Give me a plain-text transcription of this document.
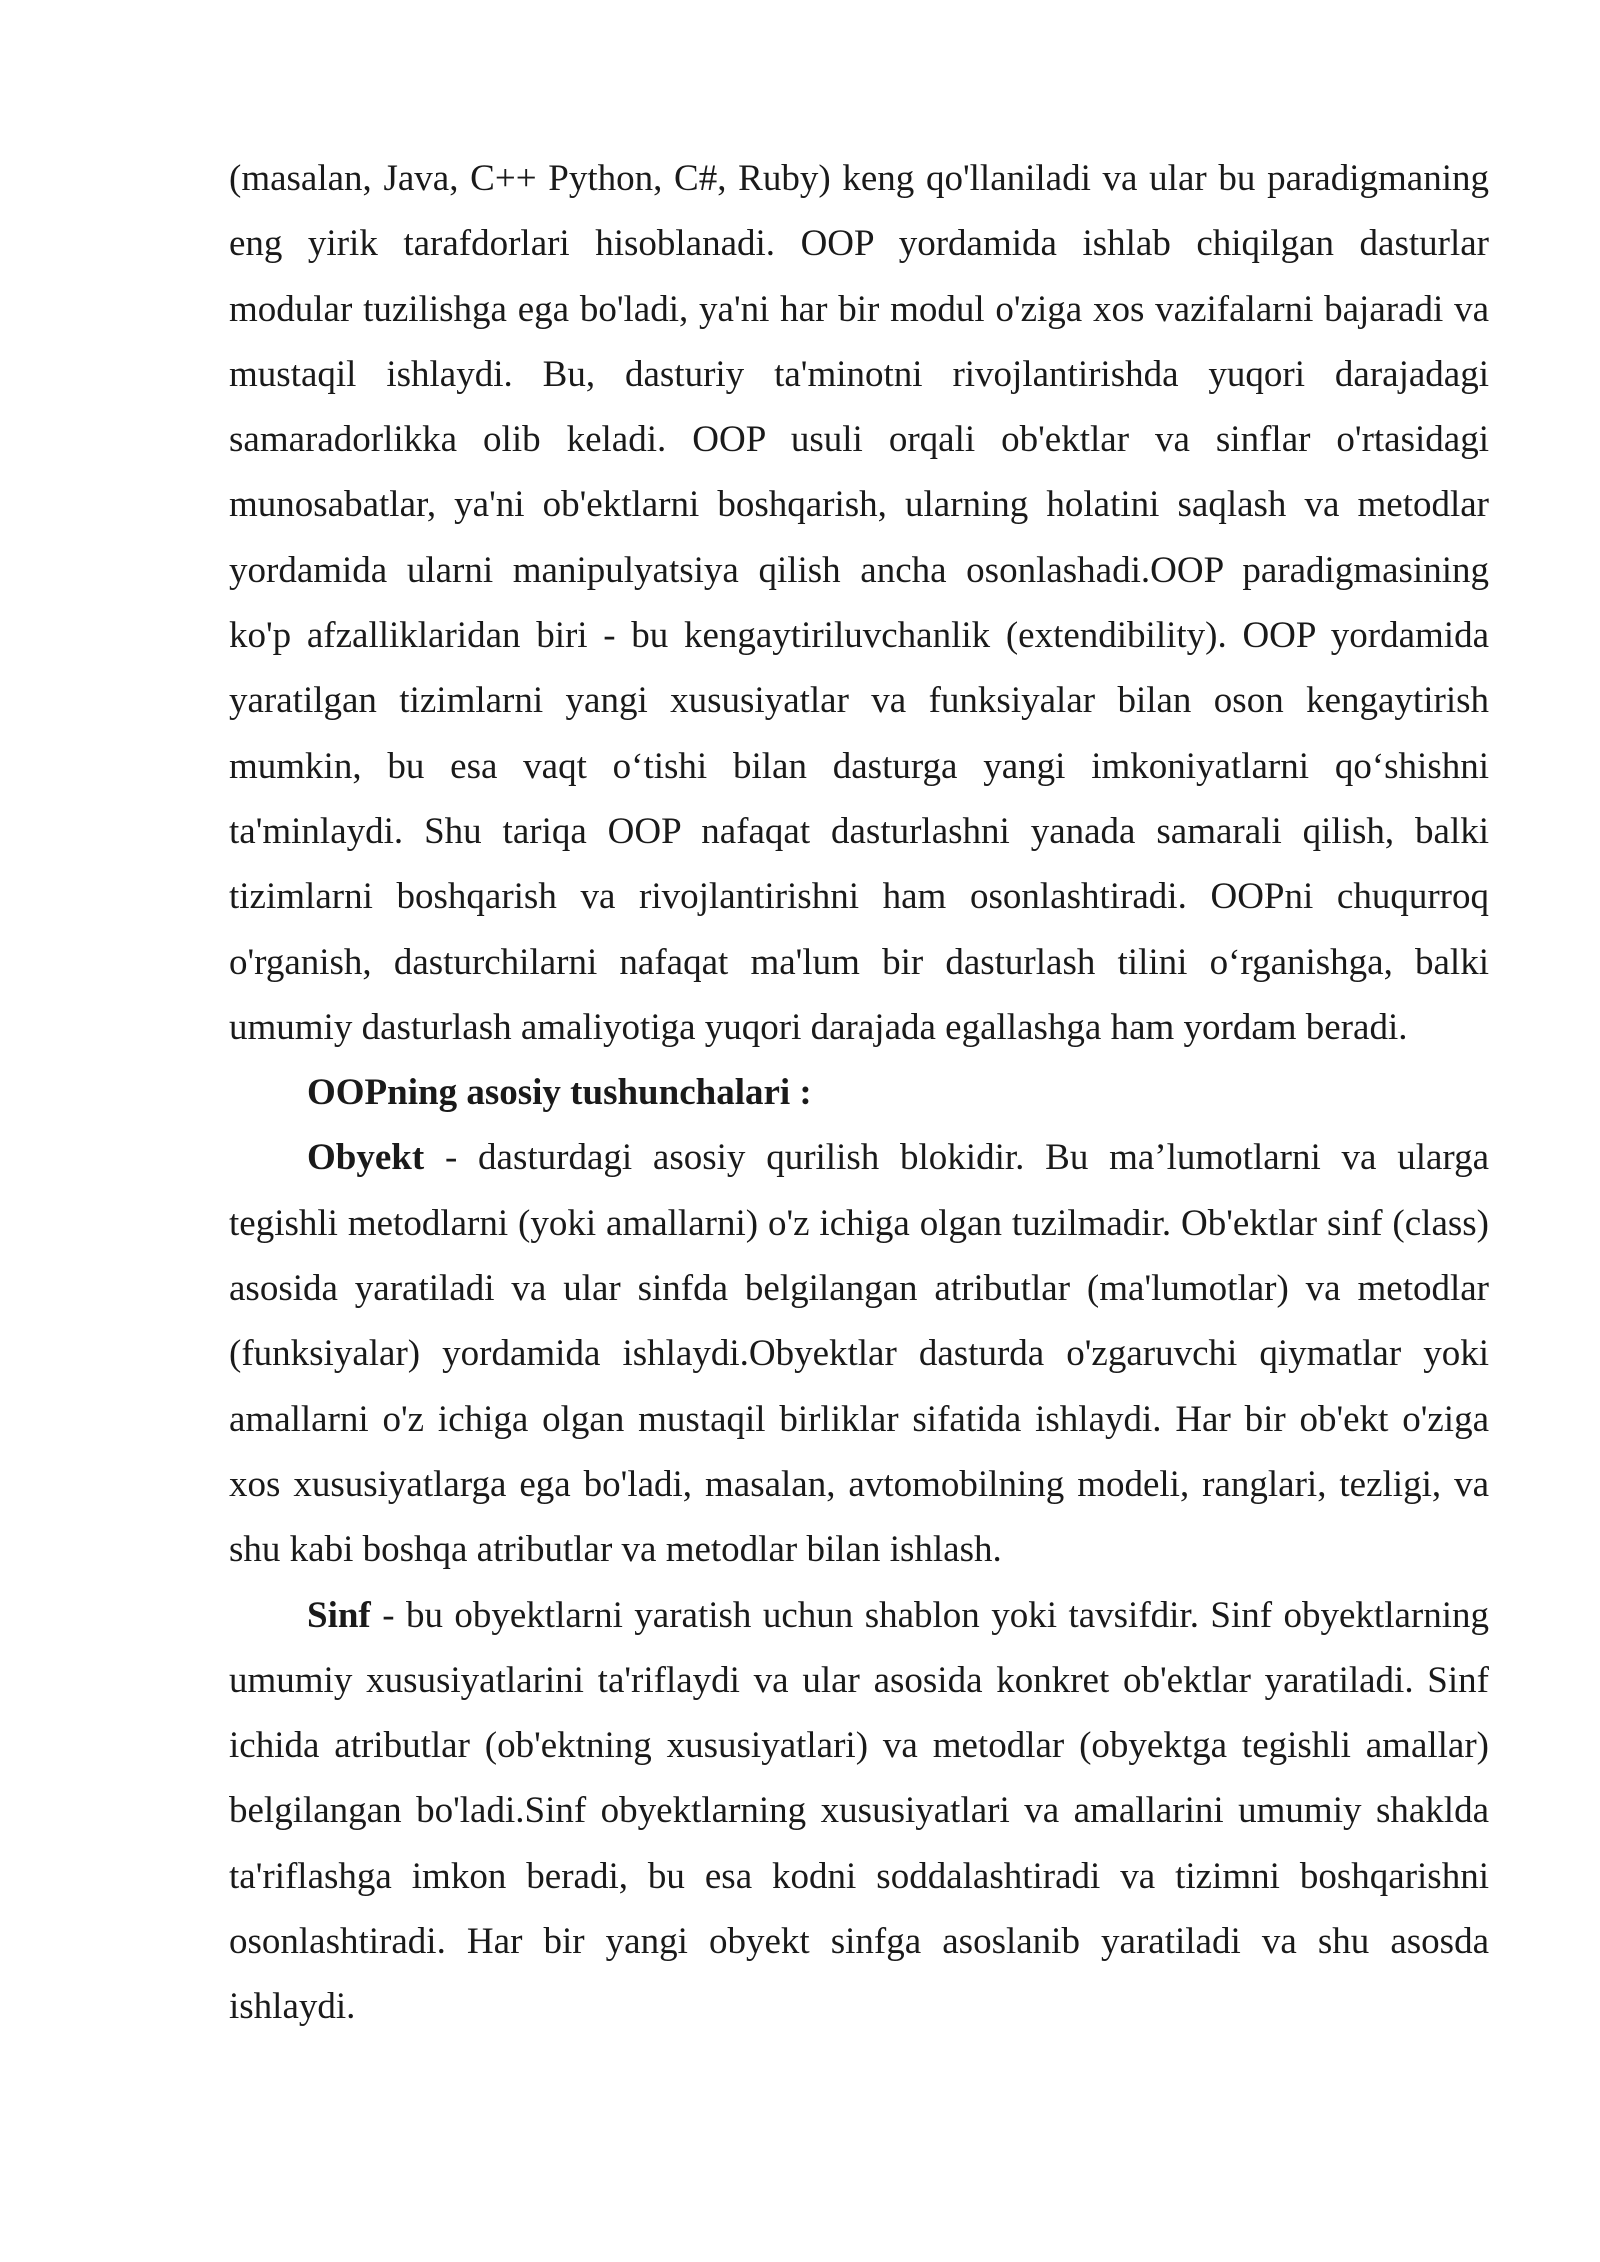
(masalan, Java, C++ Python, C#, Ruby) keng qo'llaniladi va ular bu paradigmaning eng yirik tarafdorlari hisoblanadi. OOP yordamida ishlab chiqilgan dasturlar modular tuzilishga ega bo'ladi, ya'ni har bir modul o'ziga xos vazifalarni bajaradi va mustaqil ishlaydi. Bu, dasturiy ta'minotni rivojlantirishda yuqori darajadagi samaradorlikka olib keladi. OOP usuli orqali ob'ektlar va sinflar o'rtasidagi munosabatlar, ya'ni ob'ektlarni boshqarish, ularning holatini saqlash va metodlar yordamida ularni manipulyatsiya qilish ancha osonlashadi.OOP paradigmasining ko'p afzalliklaridan biri - bu kengaytiriluvchanlik (extendibility). OOP yordamida yaratilgan tizimlarni yangi xususiyatlar va funksiyalar bilan oson kengaytirish mumkin, bu esa vaqt o‘tishi bilan dasturga yangi imkoniyatlarni qo‘shishni ta'minlaydi. Shu tariqa OOP nafaqat dasturlashni yanada samarali qilish, balki tizimlarni boshqarish va rivojlantirishni ham osonlashtiradi. OOPni chuqurroq o'rganish, dasturchilarni nafaqat ma'lum bir dasturlash tilini o‘rganishga, balki umumiy dasturlash amaliyotiga yuqori darajada egallashga ham yordam beradi.

OOPning asosiy tushunchalari :

Obyekt - dasturdagi asosiy qurilish blokidir. Bu ma’lumotlarni va ularga tegishli metodlarni (yoki amallarni) o'z ichiga olgan tuzilmadir. Ob'ektlar sinf (class) asosida yaratiladi va ular sinfda belgilangan atributlar (ma'lumotlar) va metodlar (funksiyalar) yordamida ishlaydi.Obyektlar dasturda o'zgaruvchi qiymatlar yoki amallarni o'z ichiga olgan mustaqil birliklar sifatida ishlaydi. Har bir ob'ekt o'ziga xos xususiyatlarga ega bo'ladi, masalan, avtomobilning modeli, ranglari, tezligi, va shu kabi boshqa atributlar va metodlar bilan ishlash.

Sinf - bu obyektlarni yaratish uchun shablon yoki tavsifdir. Sinf obyektlarning umumiy xususiyatlarini ta'riflaydi va ular asosida konkret ob'ektlar yaratiladi. Sinf ichida atributlar (ob'ektning xususiyatlari) va metodlar (obyektga tegishli amallar) belgilangan bo'ladi.Sinf obyektlarning xususiyatlari va amallarini umumiy shaklda ta'riflashga imkon beradi, bu esa kodni soddalashtiradi va tizimni boshqarishni osonlashtiradi. Har bir yangi obyekt sinfga asoslanib yaratiladi va shu asosda ishlaydi.
